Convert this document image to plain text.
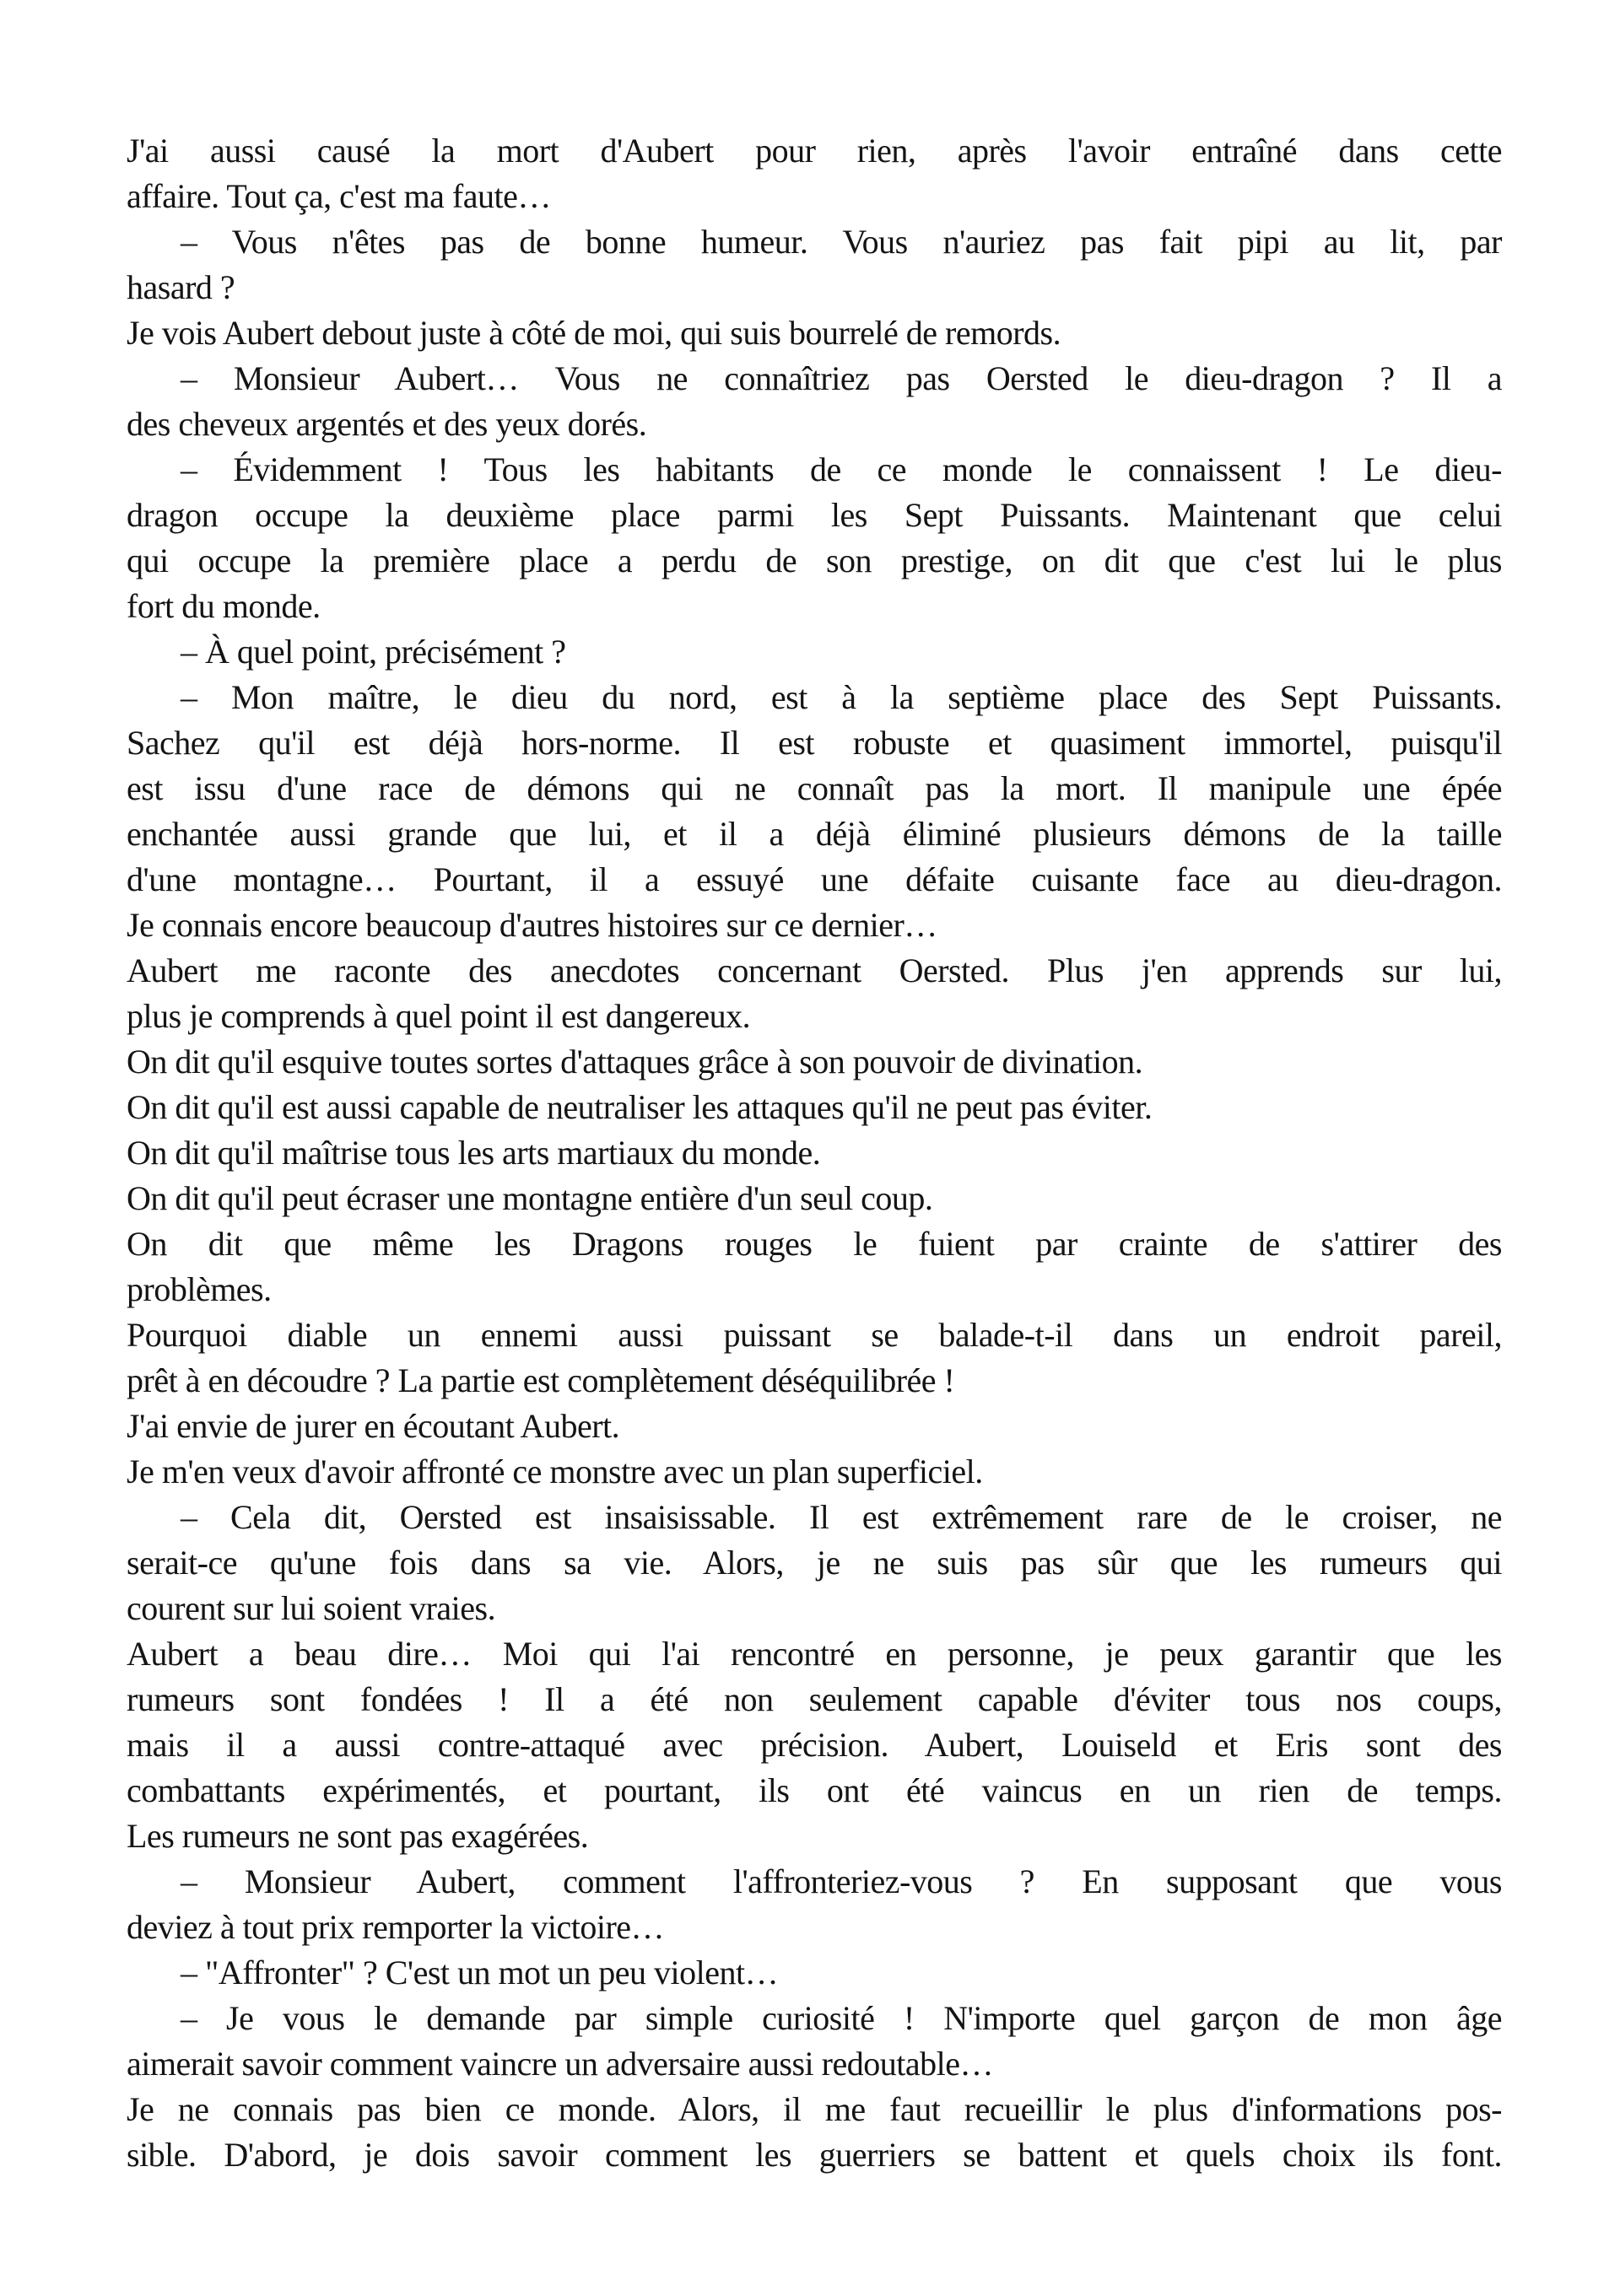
J'ai aussi causé la mort d'Aubert pour rien, après l'avoir entraîné dans cette
affaire. Tout ça, c'est ma faute…
– Vous n'êtes pas de bonne humeur. Vous n'auriez pas fait pipi au lit, par
hasard ?
Je vois Aubert debout juste à côté de moi, qui suis bourrelé de remords.
– Monsieur Aubert… Vous ne connaîtriez pas Oersted le dieu-dragon ? Il a
des cheveux argentés et des yeux dorés.
– Évidemment ! Tous les habitants de ce monde le connaissent ! Le dieu-
dragon occupe la deuxième place parmi les Sept Puissants. Maintenant que celui
qui occupe la première place a perdu de son prestige, on dit que c'est lui le plus
fort du monde.
– À quel point, précisément ?
– Mon maître, le dieu du nord, est à la septième place des Sept Puissants.
Sachez qu'il est déjà hors-norme. Il est robuste et quasiment immortel, puisqu'il
est issu d'une race de démons qui ne connaît pas la mort. Il manipule une épée
enchantée aussi grande que lui, et il a déjà éliminé plusieurs démons de la taille
d'une montagne… Pourtant, il a essuyé une défaite cuisante face au dieu-dragon.
Je connais encore beaucoup d'autres histoires sur ce dernier…
Aubert me raconte des anecdotes concernant Oersted. Plus j'en apprends sur lui,
plus je comprends à quel point il est dangereux.
On dit qu'il esquive toutes sortes d'attaques grâce à son pouvoir de divination.
On dit qu'il est aussi capable de neutraliser les attaques qu'il ne peut pas éviter.
On dit qu'il maîtrise tous les arts martiaux du monde.
On dit qu'il peut écraser une montagne entière d'un seul coup.
On dit que même les Dragons rouges le fuient par crainte de s'attirer des
problèmes.
Pourquoi diable un ennemi aussi puissant se balade-t-il dans un endroit pareil,
prêt à en découdre ? La partie est complètement déséquilibrée !
J'ai envie de jurer en écoutant Aubert.
Je m'en veux d'avoir affronté ce monstre avec un plan superficiel.
– Cela dit, Oersted est insaisissable. Il est extrêmement rare de le croiser, ne
serait-ce qu'une fois dans sa vie. Alors, je ne suis pas sûr que les rumeurs qui
courent sur lui soient vraies.
Aubert a beau dire… Moi qui l'ai rencontré en personne, je peux garantir que les
rumeurs sont fondées ! Il a été non seulement capable d'éviter tous nos coups,
mais il a aussi contre-attaqué avec précision. Aubert, Louiseld et Eris sont des
combattants expérimentés, et pourtant, ils ont été vaincus en un rien de temps.
Les rumeurs ne sont pas exagérées.
– Monsieur Aubert, comment l'affronteriez-vous ? En supposant que vous
deviez à tout prix remporter la victoire…
– "Affronter" ? C'est un mot un peu violent…
– Je vous le demande par simple curiosité ! N'importe quel garçon de mon âge
aimerait savoir comment vaincre un adversaire aussi redoutable…
Je ne connais pas bien ce monde. Alors, il me faut recueillir le plus d'informations pos-
sible. D'abord, je dois savoir comment les guerriers se battent et quels choix ils font.
